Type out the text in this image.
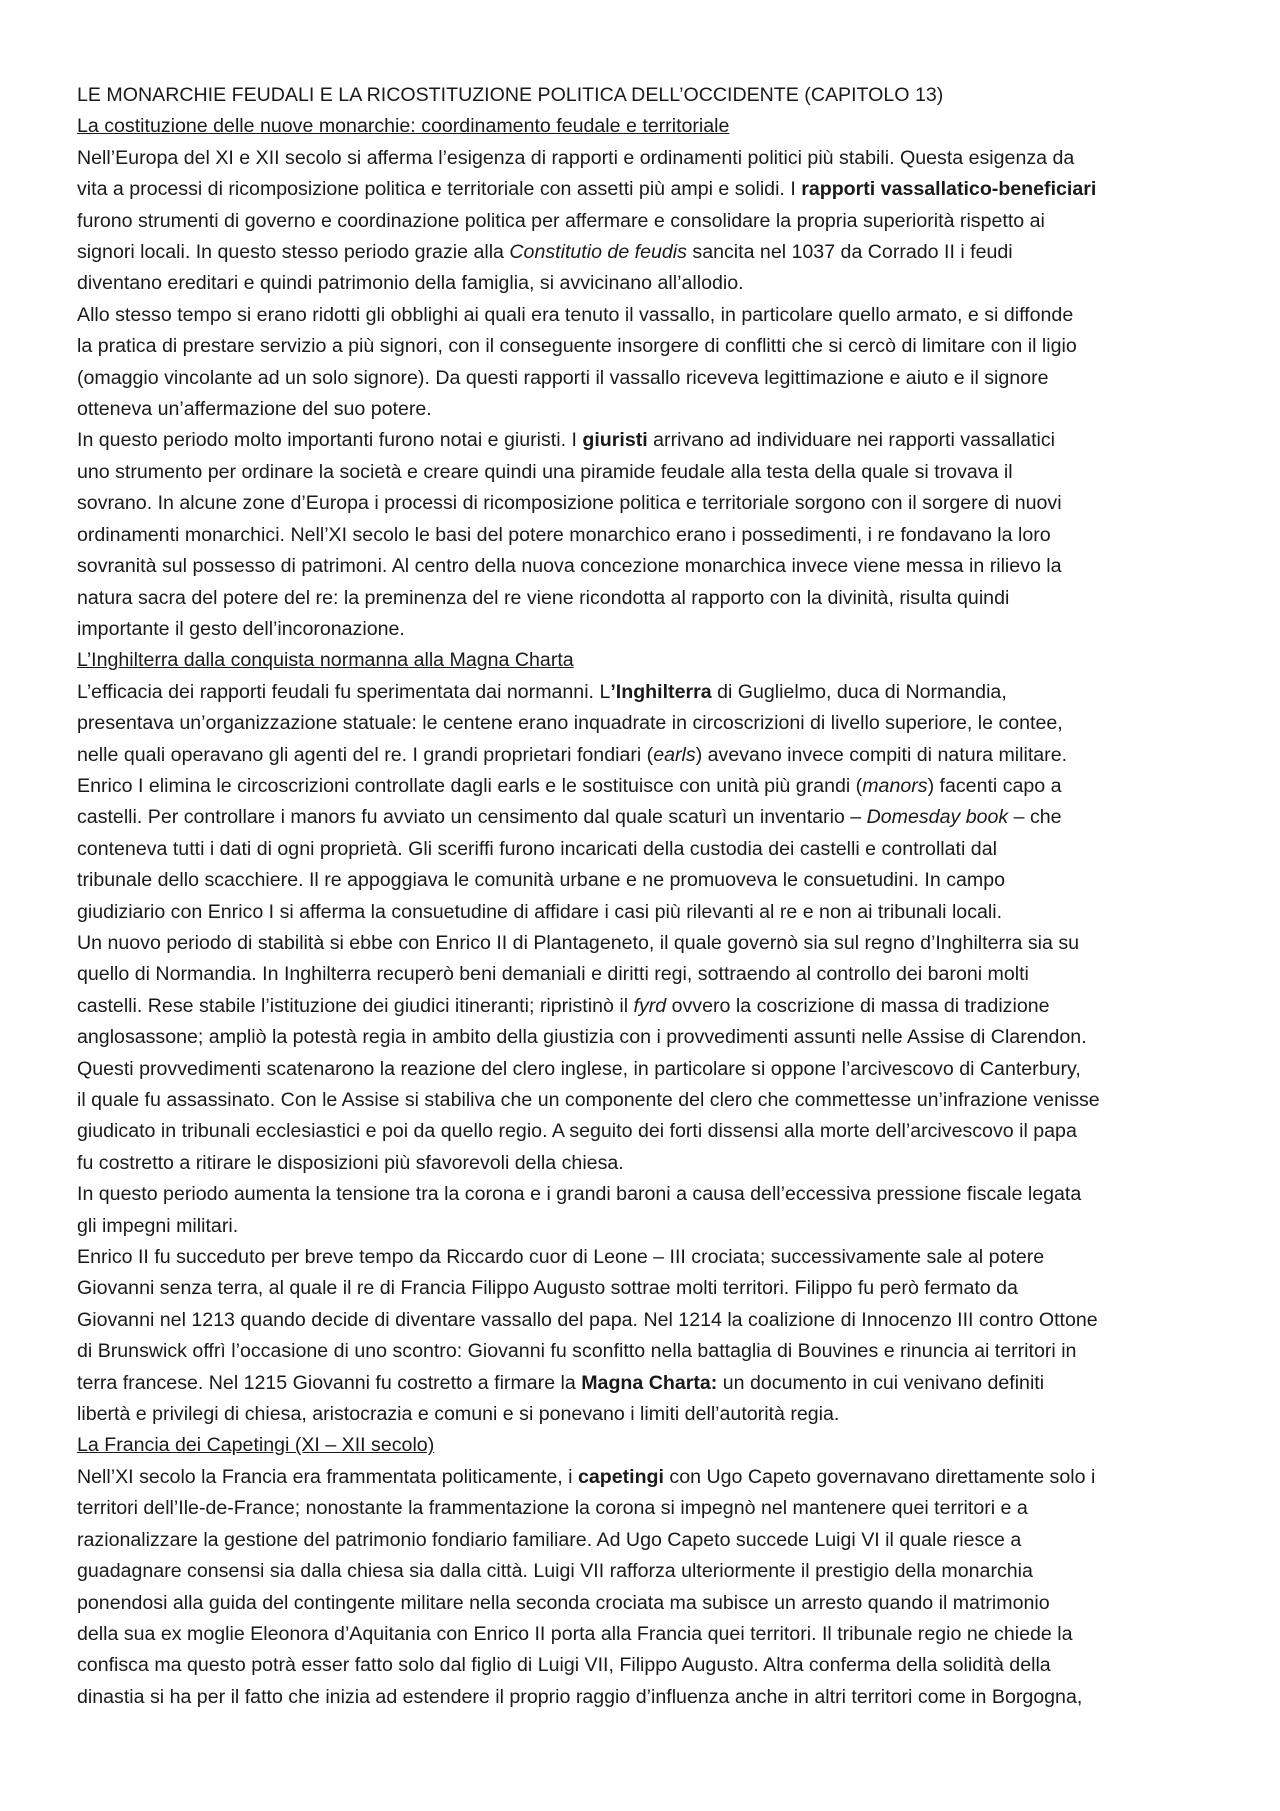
LE MONARCHIE FEUDALI E LA RICOSTITUZIONE POLITICA DELL’OCCIDENTE (CAPITOLO 13)
La costituzione delle nuove monarchie: coordinamento feudale e territoriale
Nell’Europa del XI e XII secolo si afferma l’esigenza di rapporti e ordinamenti politici più stabili. Questa esigenza da
vita a processi di ricomposizione politica e territoriale con assetti più ampi e solidi. I rapporti vassallatico-beneficiari
furono strumenti di governo e coordinazione politica per affermare e consolidare la propria superiorità rispetto ai
signori locali. In questo stesso periodo grazie alla Constitutio de feudis sancita nel 1037 da Corrado II i feudi
diventano ereditari e quindi patrimonio della famiglia, si avvicinano all’allodio.
Allo stesso tempo si erano ridotti gli obblighi ai quali era tenuto il vassallo, in particolare quello armato, e si diffonde
la pratica di prestare servizio a più signori, con il conseguente insorgere di conflitti che si cercò di limitare con il ligio
(omaggio vincolante ad un solo signore). Da questi rapporti il vassallo riceveva legittimazione e aiuto e il signore
otteneva un’affermazione del suo potere.
In questo periodo molto importanti furono notai e giuristi. I giuristi arrivano ad individuare nei rapporti vassallatici
uno strumento per ordinare la società e creare quindi una piramide feudale alla testa della quale si trovava il
sovrano. In alcune zone d’Europa i processi di ricomposizione politica e territoriale sorgono con il sorgere di nuovi
ordinamenti monarchici. Nell’XI secolo le basi del potere monarchico erano i possedimenti, i re fondavano la loro
sovranità sul possesso di patrimoni. Al centro della nuova concezione monarchica invece viene messa in rilievo la
natura sacra del potere del re: la preminenza del re viene ricondotta al rapporto con la divinità, risulta quindi
importante il gesto dell’incoronazione.
L’Inghilterra dalla conquista normanna alla Magna Charta
L’efficacia dei rapporti feudali fu sperimentata dai normanni. L’Inghilterra di Guglielmo, duca di Normandia,
presentava un’organizzazione statuale: le centene erano inquadrate in circoscrizioni di livello superiore, le contee,
nelle quali operavano gli agenti del re. I grandi proprietari fondiari (earls) avevano invece compiti di natura militare.
Enrico I elimina le circoscrizioni controllate dagli earls e le sostituisce con unità più grandi (manors) facenti capo a
castelli. Per controllare i manors fu avviato un censimento dal quale scaturì un inventario – Domesday book – che
conteneva tutti i dati di ogni proprietà. Gli sceriffi furono incaricati della custodia dei castelli e controllati dal
tribunale dello scacchiere. Il re appoggiava le comunità urbane e ne promuoveva le consuetudini. In campo
giudiziario con Enrico I si afferma la consuetudine di affidare i casi più rilevanti al re e non ai tribunali locali.
Un nuovo periodo di stabilità si ebbe con Enrico II di Plantageneto, il quale governò sia sul regno d’Inghilterra sia su
quello di Normandia. In Inghilterra recuperò beni demaniali e diritti regi, sottraendo al controllo dei baroni molti
castelli. Rese stabile l’istituzione dei giudici itineranti; ripristinò il fyrd ovvero la coscrizione di massa di tradizione
anglosassone; ampliò la potestà regia in ambito della giustizia con i provvedimenti assunti nelle Assise di Clarendon.
Questi provvedimenti scatenarono la reazione del clero inglese, in particolare si oppone l’arcivescovo di Canterbury,
il quale fu assassinato. Con le Assise si stabiliva che un componente del clero che commettesse un’infrazione venisse
giudicato in tribunali ecclesiastici e poi da quello regio. A seguito dei forti dissensi alla morte dell’arcivescovo il papa
fu costretto a ritirare le disposizioni più sfavorevoli della chiesa.
In questo periodo aumenta la tensione tra la corona e i grandi baroni a causa dell’eccessiva pressione fiscale legata
gli impegni militari.
Enrico II fu succeduto per breve tempo da Riccardo cuor di Leone – III crociata; successivamente sale al potere
Giovanni senza terra, al quale il re di Francia Filippo Augusto sottrae molti territori. Filippo fu però fermato da
Giovanni nel 1213 quando decide di diventare vassallo del papa. Nel 1214 la coalizione di Innocenzo III contro Ottone
di Brunswick offrì l’occasione di uno scontro: Giovanni fu sconfitto nella battaglia di Bouvines e rinuncia ai territori in
terra francese. Nel 1215 Giovanni fu costretto a firmare la Magna Charta: un documento in cui venivano definiti
libertà e privilegi di chiesa, aristocrazia e comuni e si ponevano i limiti dell’autorità regia.
La Francia dei Capetingi (XI – XII secolo)
Nell’XI secolo la Francia era frammentata politicamente, i capetingi con Ugo Capeto governavano direttamente solo i
territori dell’Ile-de-France; nonostante la frammentazione la corona si impegnò nel mantenere quei territori e a
razionalizzare la gestione del patrimonio fondiario familiare. Ad Ugo Capeto succede Luigi VI il quale riesce a
guadagnare consensi sia dalla chiesa sia dalla città. Luigi VII rafforza ulteriormente il prestigio della monarchia
ponendosi alla guida del contingente militare nella seconda crociata ma subisce un arresto quando il matrimonio
della sua ex moglie Eleonora d’Aquitania con Enrico II porta alla Francia quei territori. Il tribunale regio ne chiede la
confisca ma questo potrà esser fatto solo dal figlio di Luigi VII, Filippo Augusto. Altra conferma della solidità della
dinastia si ha per il fatto che inizia ad estendere il proprio raggio d’influenza anche in altri territori come in Borgogna,
